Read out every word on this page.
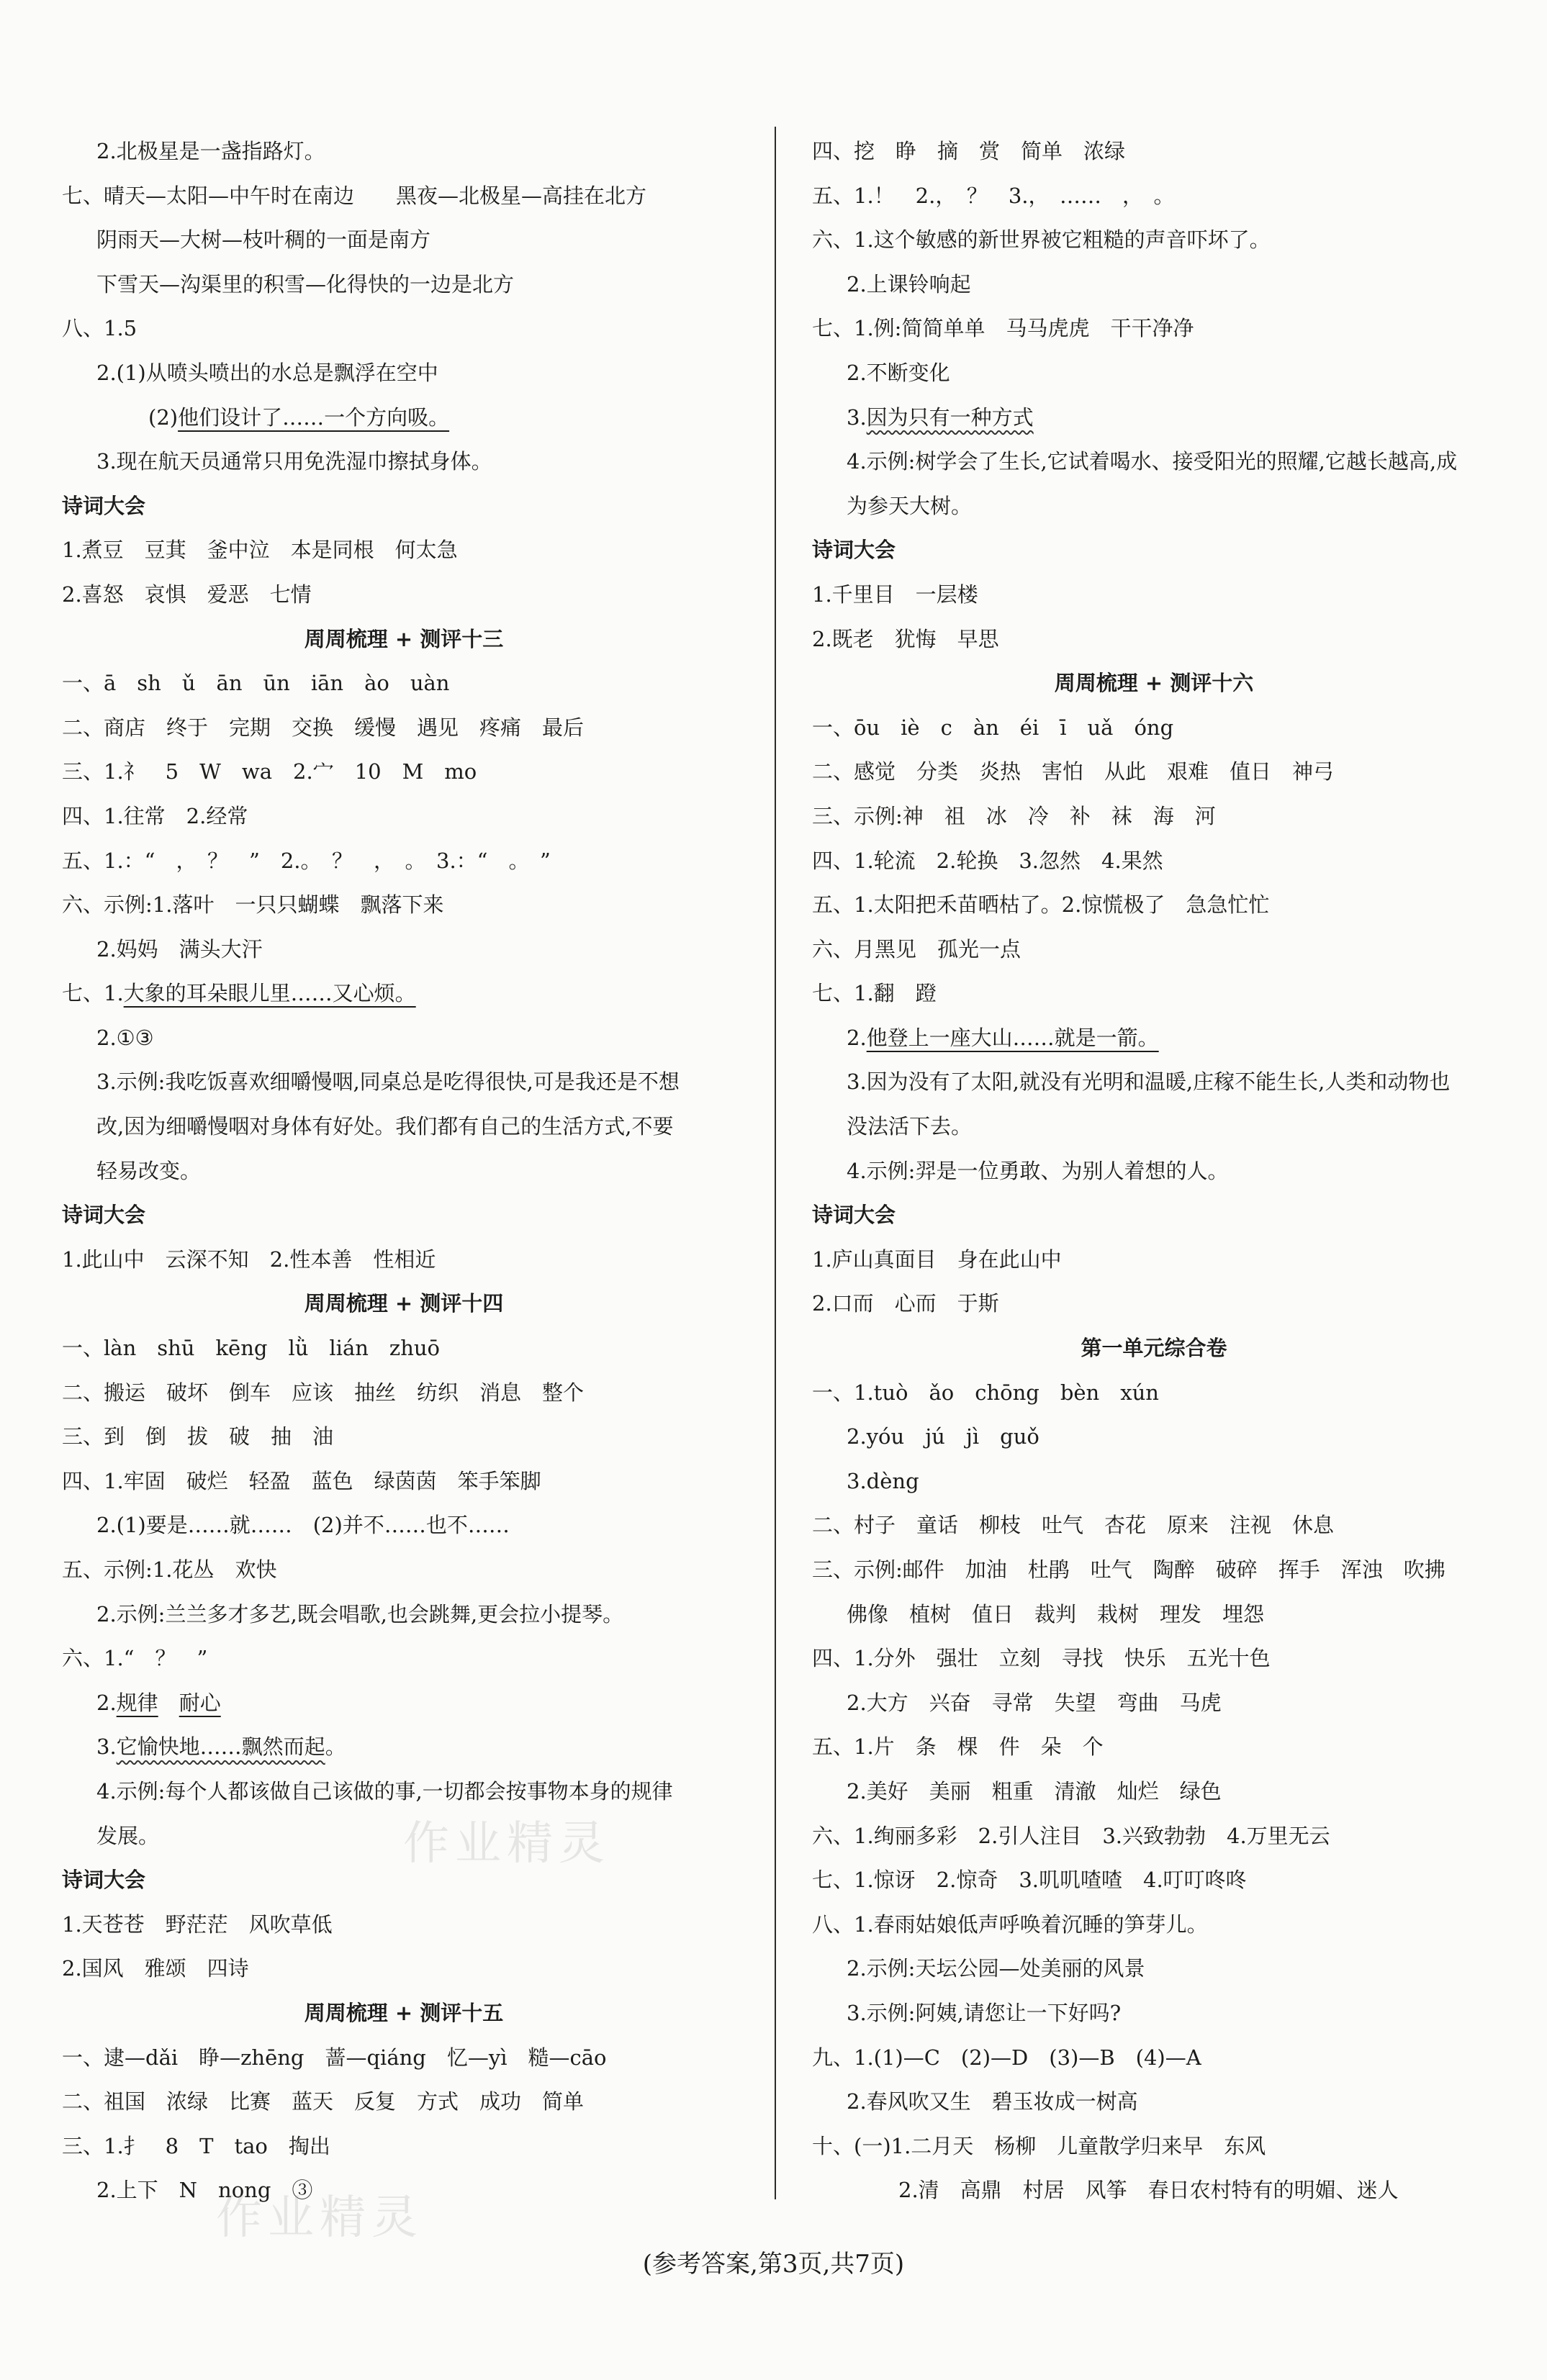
2.北极星是一盏指路灯。
七、晴天—太阳—中午时在南边　　黑夜—北极星—高挂在北方
阴雨天—大树—枝叶稠的一面是南方
下雪天—沟渠里的积雪—化得快的一边是北方
八、1.5
2.(1)从喷头喷出的水总是飘浮在空中
(2)他们设计了……一个方向吸。
3.现在航天员通常只用免洗湿巾擦拭身体。
诗词大会
1.煮豆　豆萁　釜中泣　本是同根　何太急
2.喜怒　哀惧　爱恶　七情
周周梳理 + 测评十三
一、ā　sh　ǔ　ān　ūn　iān　ào　uàn
二、商店　终于　完期　交换　缓慢　遇见　疼痛　最后
三、1.礻　5　W　wa　2.宀　10　M　mo
四、1.往常　2.经常
五、1.：“　，　？　”　2.。　？　，　。　3.：“　。　”
六、示例:1.落叶　一只只蝴蝶　飘落下来
2.妈妈　满头大汗
七、1.大象的耳朵眼儿里……又心烦。
2.①③
3.示例:我吃饭喜欢细嚼慢咽,同桌总是吃得很快,可是我还是不想
改,因为细嚼慢咽对身体有好处。我们都有自己的生活方式,不要
轻易改变。
诗词大会
1.此山中　云深不知　2.性本善　性相近
周周梳理 + 测评十四
一、làn　shū　kēng　lǜ　lián　zhuō
二、搬运　破坏　倒车　应该　抽丝　纺织　消息　整个
三、到　倒　拔　破　抽　油
四、1.牢固　破烂　轻盈　蓝色　绿茵茵　笨手笨脚
2.(1)要是……就……　(2)并不……也不……
五、示例:1.花丛　欢快
2.示例:兰兰多才多艺,既会唱歌,也会跳舞,更会拉小提琴。
六、1.“　？　”
2.规律　 耐心
3.它愉快地……飘然而起。
4.示例:每个人都该做自己该做的事,一切都会按事物本身的规律
发展。
诗词大会
1.天苍苍　野茫茫　风吹草低
2.国风　雅颂　四诗
周周梳理 + 测评十五
一、逮—dǎi　睁—zhēng　蔷—qiáng　忆—yì　糙—cāo
二、祖国　浓绿　比赛　蓝天　反复　方式　成功　简单
三、1.扌　8　T　tao　掏出
2.上下　N　nong　③
四、挖　睁　摘　赏　简单　浓绿
五、1.！　2.，　？　3.，　……　，　。
六、1.这个敏感的新世界被它粗糙的声音吓坏了。
2.上课铃响起
七、1.例:简简单单　马马虎虎　干干净净
2.不断变化
3.因为只有一种方式
4.示例:树学会了生长,它试着喝水、接受阳光的照耀,它越长越高,成
为参天大树。
诗词大会
1.千里目　一层楼
2.既老　犹悔　早思
周周梳理 + 测评十六
一、ōu　iè　c　àn　éi　ī　uǎ　óng
二、感觉　分类　炎热　害怕　从此　艰难　值日　神弓
三、示例:神　祖　冰　冷　补　袜　海　河
四、1.轮流　2.轮换　3.忽然　4.果然
五、1.太阳把禾苗晒枯了。2.惊慌极了　急急忙忙
六、月黑见　孤光一点
七、1.翻　蹬
2.他登上一座大山……就是一箭。
3.因为没有了太阳,就没有光明和温暖,庄稼不能生长,人类和动物也
没法活下去。
4.示例:羿是一位勇敢、为别人着想的人。
诗词大会
1.庐山真面目　身在此山中
2.口而　心而　于斯
第一单元综合卷
一、1.tuò　ǎo　chōng　bèn　xún
2.yóu　jú　jì　guǒ
3.dèng
二、村子　童话　柳枝　吐气　杏花　原来　注视　休息
三、示例:邮件　加油　杜鹃　吐气　陶醉　破碎　挥手　浑浊　吹拂
佛像　植树　值日　裁判　栽树　理发　埋怨
四、1.分外　强壮　立刻　寻找　快乐　五光十色
2.大方　兴奋　寻常　失望　弯曲　马虎
五、1.片　条　棵　件　朵　个
2.美好　美丽　粗重　清澈　灿烂　绿色
六、1.绚丽多彩　2.引人注目　3.兴致勃勃　4.万里无云
七、1.惊讶　2.惊奇　3.叽叽喳喳　4.叮叮咚咚
八、1.春雨姑娘低声呼唤着沉睡的笋芽儿。
2.示例:天坛公园—处美丽的风景
3.示例:阿姨,请您让一下好吗?
九、1.(1)—C　(2)—D　(3)—B　(4)—A
2.春风吹又生　碧玉妆成一树高
十、(一)1.二月天　杨柳　儿童散学归来早　东风
2.清　高鼎　村居　风筝　春日农村特有的明媚、迷人
作业精灵
作业精灵
(参考答案,第3页,共7页)
